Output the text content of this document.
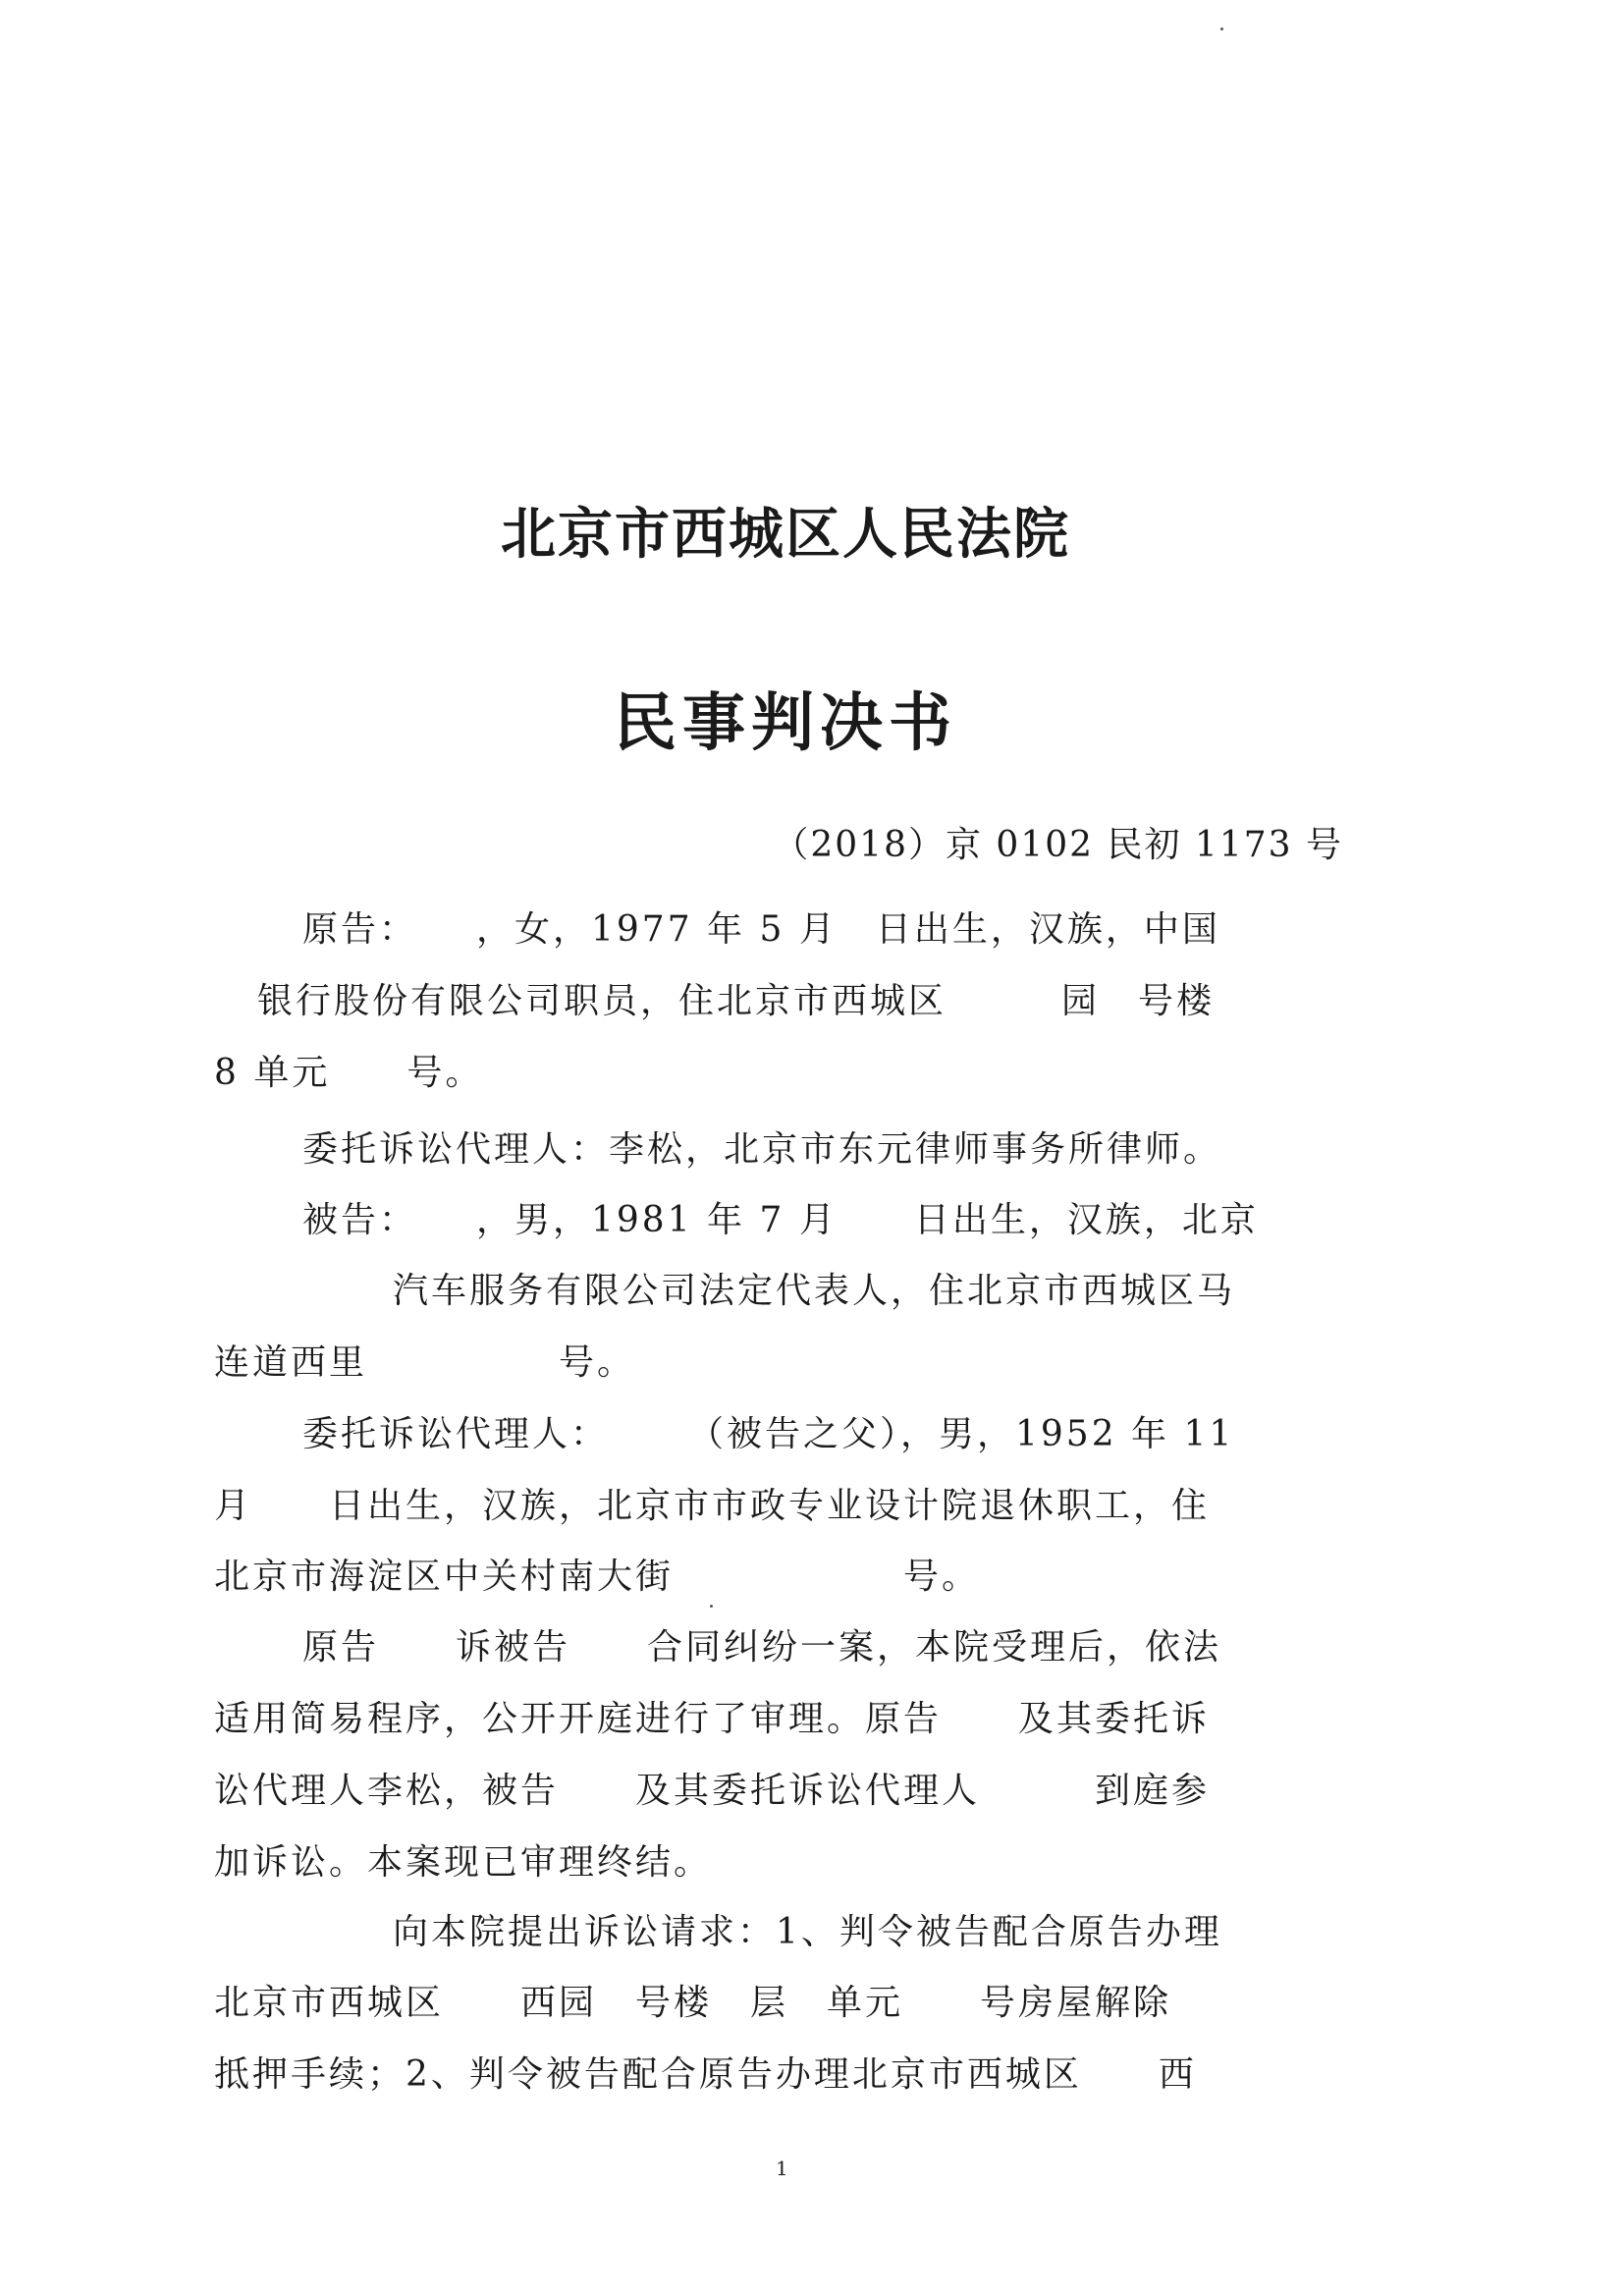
北京市西城区人民法院
民事判决书
（2018）京 0102 民初 1173 号
原告：　　，女，1977 年 5 月　日出生，汉族，中国
银行股份有限公司职员，住北京市西城区　　　园　号楼
8 单元　　号。
委托诉讼代理人：李松，北京市东元律师事务所律师。
被告：　　，男，1981 年 7 月　　日出生，汉族，北京
汽车服务有限公司法定代表人，住北京市西城区马
连道西里　　　　　号。
委托诉讼代理人：　　　（被告之父），男，1952 年 11
月　　日出生，汉族，北京市市政专业设计院退休职工，住
北京市海淀区中关村南大街　　　　　　号。
原告　　诉被告　　合同纠纷一案，本院受理后，依法
适用简易程序，公开开庭进行了审理。原告　　及其委托诉
讼代理人李松，被告　　及其委托诉讼代理人　　　到庭参
加诉讼。本案现已审理终结。
向本院提出诉讼请求：1、判令被告配合原告办理
北京市西城区　　西园　号楼　层　单元　　号房屋解除
抵押手续；2、判令被告配合原告办理北京市西城区　　西
1
